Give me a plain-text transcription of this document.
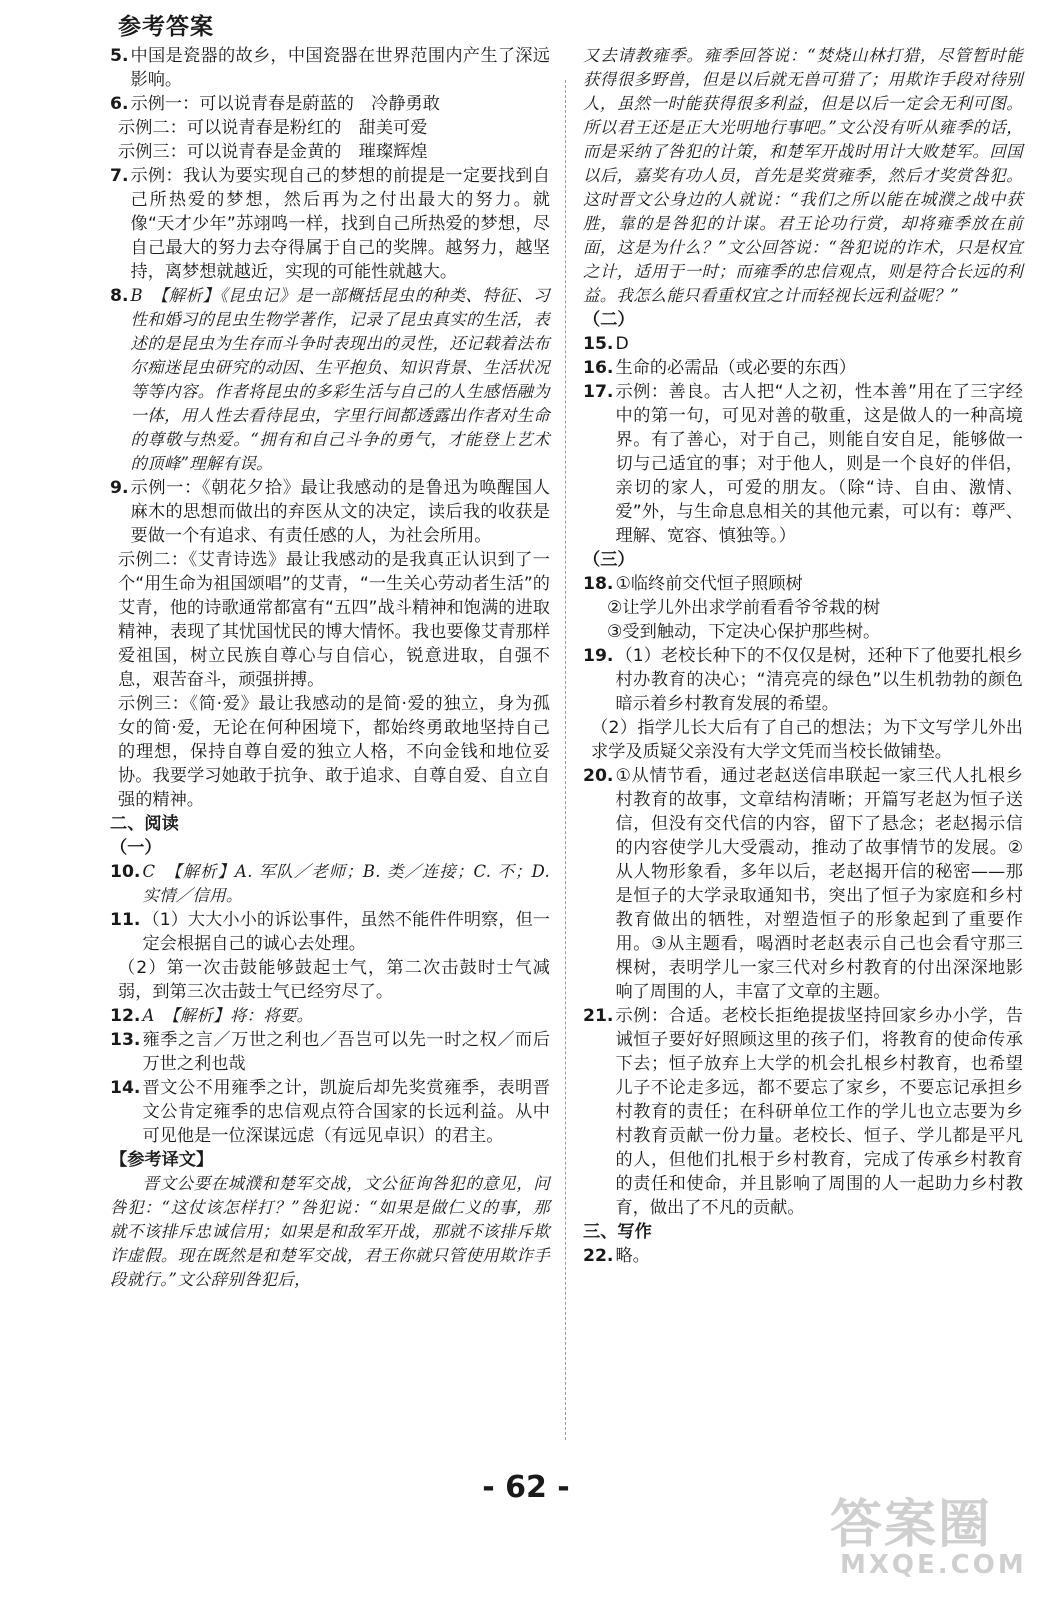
参考答案
5. 中国是瓷器的故乡，中国瓷器在世界范围内产生了深远影响。
6. 示例一：可以说青春是蔚蓝的　冷静勇敢
示例二：可以说青春是粉红的　甜美可爱
示例三：可以说青春是金黄的　璀璨辉煌
7. 示例：我认为要实现自己的梦想的前提是一定要找到自己所热爱的梦想，然后再为之付出最大的努力。就像“天才少年”苏翊鸣一样，找到自己所热爱的梦想，尽自己最大的努力去夺得属于自己的奖牌。越努力，越坚持，离梦想就越近，实现的可能性就越大。
8. B　【解析】《昆虫记》是一部概括昆虫的种类、特征、习性和婚习的昆虫生物学著作，记录了昆虫真实的生活，表述的是昆虫为生存而斗争时表现出的灵性，还记载着法布尔痴迷昆虫研究的动因、生平抱负、知识背景、生活状况等等内容。作者将昆虫的多彩生活与自己的人生感悟融为一体，用人性去看待昆虫，字里行间都透露出作者对生命的尊敬与热爱。“拥有和自己斗争的勇气，才能登上艺术的顶峰”理解有误。
9. 示例一：《朝花夕拾》最让我感动的是鲁迅为唤醒国人麻木的思想而做出的弃医从文的决定，读后我的收获是要做一个有追求、有责任感的人，为社会所用。
示例二：《艾青诗选》最让我感动的是我真正认识到了一个“用生命为祖国颂唱”的艾青，“一生关心劳动者生活”的艾青，他的诗歌通常都富有“五四”战斗精神和饱满的进取精神，表现了其忧国忧民的博大情怀。我也要像艾青那样爱祖国，树立民族自尊心与自信心，锐意进取，自强不息，艰苦奋斗，顽强拼搏。
示例三：《简·爱》最让我感动的是简·爱的独立，身为孤女的简·爱，无论在何种困境下，都始终勇敢地坚持自己的理想，保持自尊自爱的独立人格，不向金钱和地位妥协。我要学习她敢于抗争、敢于追求、自尊自爱、自立自强的精神。
二、阅读
（一）
10. C　【解析】A. 军队／老师；B. 类／连接；C. 不；D. 实情／信用。
11. （1）大大小小的诉讼事件，虽然不能件件明察，但一定会根据自己的诚心去处理。
（2）第一次击鼓能够鼓起士气，第二次击鼓时士气减弱，到第三次击鼓士气已经穷尽了。
12. A　【解析】将：将要。
13. 雍季之言／万世之利也／吾岂可以先一时之权／而后万世之利也哉
14. 晋文公不用雍季之计，凯旋后却先奖赏雍季，表明晋文公肯定雍季的忠信观点符合国家的长远利益。从中可见他是一位深谋远虑（有远见卓识）的君主。
【参考译文】
晋文公要在城濮和楚军交战，文公征询咎犯的意见，问咎犯：“这仗该怎样打？”咎犯说：“如果是做仁义的事，那就不该排斥忠诚信用；如果是和敌军开战，那就不该排斥欺诈虚假。现在既然是和楚军交战，君王你就只管使用欺诈手段就行。”文公辞别咎犯后，
又去请教雍季。雍季回答说：“焚烧山林打猎，尽管暂时能获得很多野兽，但是以后就无兽可猎了；用欺诈手段对待别人，虽然一时能获得很多利益，但是以后一定会无利可图。所以君王还是正大光明地行事吧。”文公没有听从雍季的话，而是采纳了咎犯的计策，和楚军开战时用计大败楚军。回国以后，嘉奖有功人员，首先是奖赏雍季，然后才奖赏咎犯。这时晋文公身边的人就说：“我们之所以能在城濮之战中获胜，靠的是咎犯的计谋。君王论功行赏，却将雍季放在前面，这是为什么？”文公回答说：“咎犯说的诈术，只是权宜之计，适用于一时；而雍季的忠信观点，则是符合长远的利益。我怎么能只看重权宜之计而轻视长远利益呢？”
（二）
15. D
16. 生命的必需品（或必要的东西）
17. 示例：善良。古人把“人之初，性本善”用在了三字经中的第一句，可见对善的敬重，这是做人的一种高境界。有了善心，对于自己，则能自安自足，能够做一切与己适宜的事；对于他人，则是一个良好的伴侣，亲切的家人，可爱的朋友。（除“诗、自由、激情、爱”外，与生命息息相关的其他元素，可以有：尊严、理解、宽容、慎独等。）
（三）
18. ①临终前交代恒子照顾树
②让学儿外出求学前看看爷爷栽的树
③受到触动，下定决心保护那些树。
19. （1）老校长种下的不仅仅是树，还种下了他要扎根乡村办教育的决心；“清亮亮的绿色”以生机勃勃的颜色暗示着乡村教育发展的希望。
（2）指学儿长大后有了自己的想法；为下文写学儿外出求学及质疑父亲没有大学文凭而当校长做铺垫。
20. ①从情节看，通过老赵送信串联起一家三代人扎根乡村教育的故事，文章结构清晰；开篇写老赵为恒子送信，但没有交代信的内容，留下了悬念；老赵揭示信的内容使学儿大受震动，推动了故事情节的发展。②从人物形象看，多年以后，老赵揭开信的秘密——那是恒子的大学录取通知书，突出了恒子为家庭和乡村教育做出的牺牲，对塑造恒子的形象起到了重要作用。③从主题看，喝酒时老赵表示自己也会看守那三棵树，表明学儿一家三代对乡村教育的付出深深地影响了周围的人，丰富了文章的主题。
21. 示例：合适。老校长拒绝提拔坚持回家乡办小学，告诫恒子要好好照顾这里的孩子们，将教育的使命传承下去；恒子放弃上大学的机会扎根乡村教育，也希望儿子不论走多远，都不要忘了家乡，不要忘记承担乡村教育的责任；在科研单位工作的学儿也立志要为乡村教育贡献一份力量。老校长、恒子、学儿都是平凡的人，但他们扎根于乡村教育，完成了传承乡村教育的责任和使命，并且影响了周围的人一起助力乡村教育，做出了不凡的贡献。
三、写作
22. 略。
- 62 -
答案圈
MXQE.COM
